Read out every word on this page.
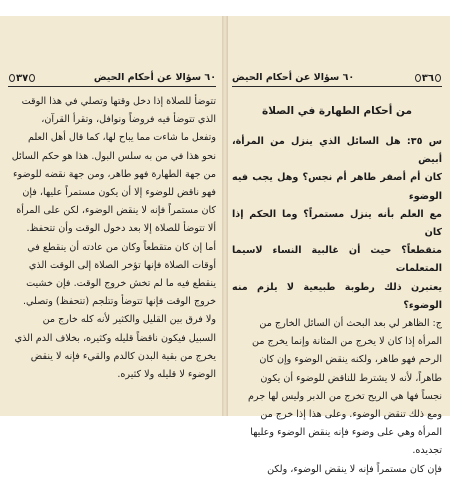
٦٠ سؤالا عن أحكام الحيض
٣٧

تتوضأ للصلاة إذا دخل وقتها وتصلي في هذا الوقت

الذي تتوضأ فيه فروضاً ونوافل، وتقرأ القرآن،

وتفعل ما شاءت مما يباح لها، كما قال أهل العلم

نحو هذا في من به سلس البول. هذا هو حكم السائل

من جهة الطهارة فهو طاهر، ومن جهة نقضه للوضوء

فهو ناقض للوضوء إلا أن يكون مستمراً عليها، فإن

كان مستمراً فإنه لا ينقض الوضوء، لكن على المرأة

ألا تتوضأ للصلاة إلا بعد دخول الوقت وأن تتحفظ.

أما إن كان متقطعاً وكان من عادته أن ينقطع في

أوقات الصلاة فإنها تؤخر الصلاة إلى الوقت الذي

ينقطع فيه ما لم تخش خروج الوقت. فإن خشيت

خروج الوقت فإنها تتوضأ وتتلجم (تتحفظ) وتصلي.

ولا فرق بين القليل والكثير لأنه كله خارج من

السبيل فيكون ناقضاً قليله وكثيره، بخلاف الدم الذي

يخرج من بقية البدن كالدم والقيء فإنه لا ينقض

الوضوء لا قليله ولا كثيره.

٣٦
٦٠ سؤالا عن أحكام الحيض
من أحكام الطهارة في الصلاة

س ٣٥: هل السائل الذي ينزل من المرأة، أبيض

كان أم أصفر طاهر أم نجس؟ وهل يجب فيه الوضوء

مع العلم بأنه ينزل مستمراً؟ وما الحكم إذا كان

متقطعاً؟ حيث أن غالبية النساء لاسيما المتعلمات

يعتبرن ذلك رطوبة طبيعية لا يلزم منه الوضوء؟

ج: الظاهر لي بعد البحث أن السائل الخارج من

المرأة إذا كان لا يخرج من المثانة وإنما يخرج من

الرحم فهو طاهر، ولكنه ينقض الوضوء وإن كان

طاهراً، لأنه لا يشترط للناقض للوضوء أن يكون

نجساً فها هي الريح تخرج من الدبر وليس لها جرم

ومع ذلك تنقض الوضوء. وعلى هذا إذا خرج من

المرأة وهي على وضوء فإنه ينقض الوضوء وعليها

تجديده.

فإن كان مستمراً فإنه لا ينقض الوضوء، ولكن
